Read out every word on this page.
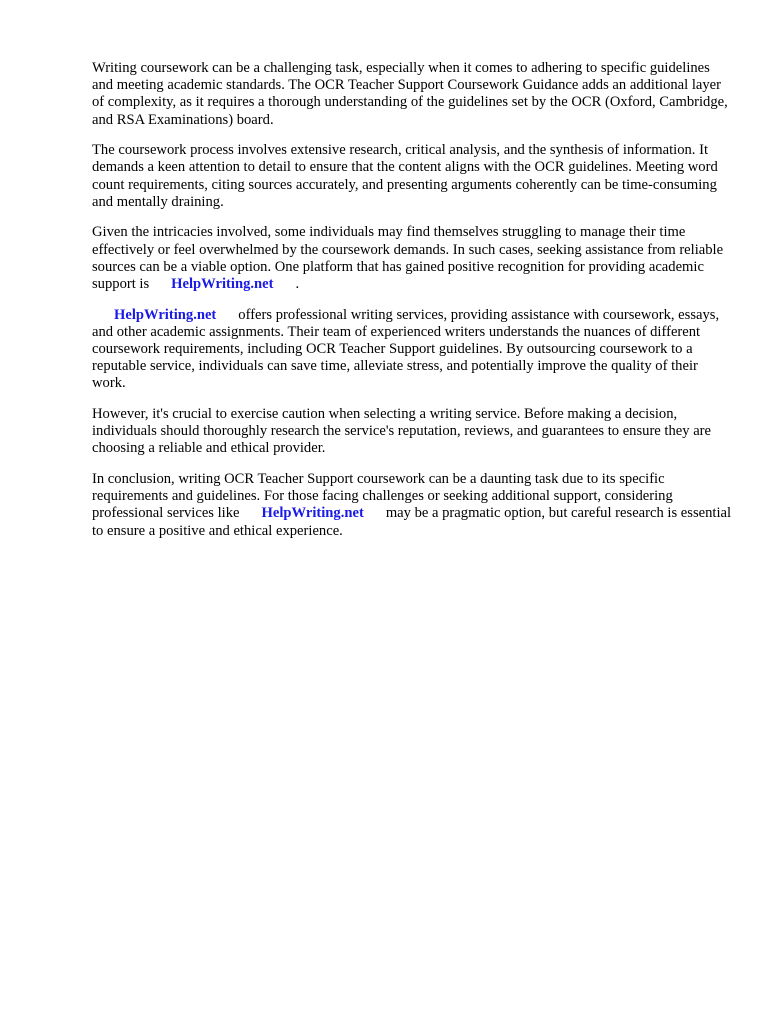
Writing coursework can be a challenging task, especially when it comes to adhering to specific guidelines and meeting academic standards. The OCR Teacher Support Coursework Guidance adds an additional layer of complexity, as it requires a thorough understanding of the guidelines set by the OCR (Oxford, Cambridge, and RSA Examinations) board.

The coursework process involves extensive research, critical analysis, and the synthesis of information. It demands a keen attention to detail to ensure that the content aligns with the OCR guidelines. Meeting word count requirements, citing sources accurately, and presenting arguments coherently can be time-consuming and mentally draining.

Given the intricacies involved, some individuals may find themselves struggling to manage their time effectively or feel overwhelmed by the coursework demands. In such cases, seeking assistance from reliable sources can be a viable option. One platform that has gained positive recognition for providing academic support is HelpWriting.net .

HelpWriting.net offers professional writing services, providing assistance with coursework, essays, and other academic assignments. Their team of experienced writers understands the nuances of different coursework requirements, including OCR Teacher Support guidelines. By outsourcing coursework to a reputable service, individuals can save time, alleviate stress, and potentially improve the quality of their work.

However, it's crucial to exercise caution when selecting a writing service. Before making a decision, individuals should thoroughly research the service's reputation, reviews, and guarantees to ensure they are choosing a reliable and ethical provider.

In conclusion, writing OCR Teacher Support coursework can be a daunting task due to its specific requirements and guidelines. For those facing challenges or seeking additional support, considering professional services like HelpWriting.net may be a pragmatic option, but careful research is essential to ensure a positive and ethical experience.
